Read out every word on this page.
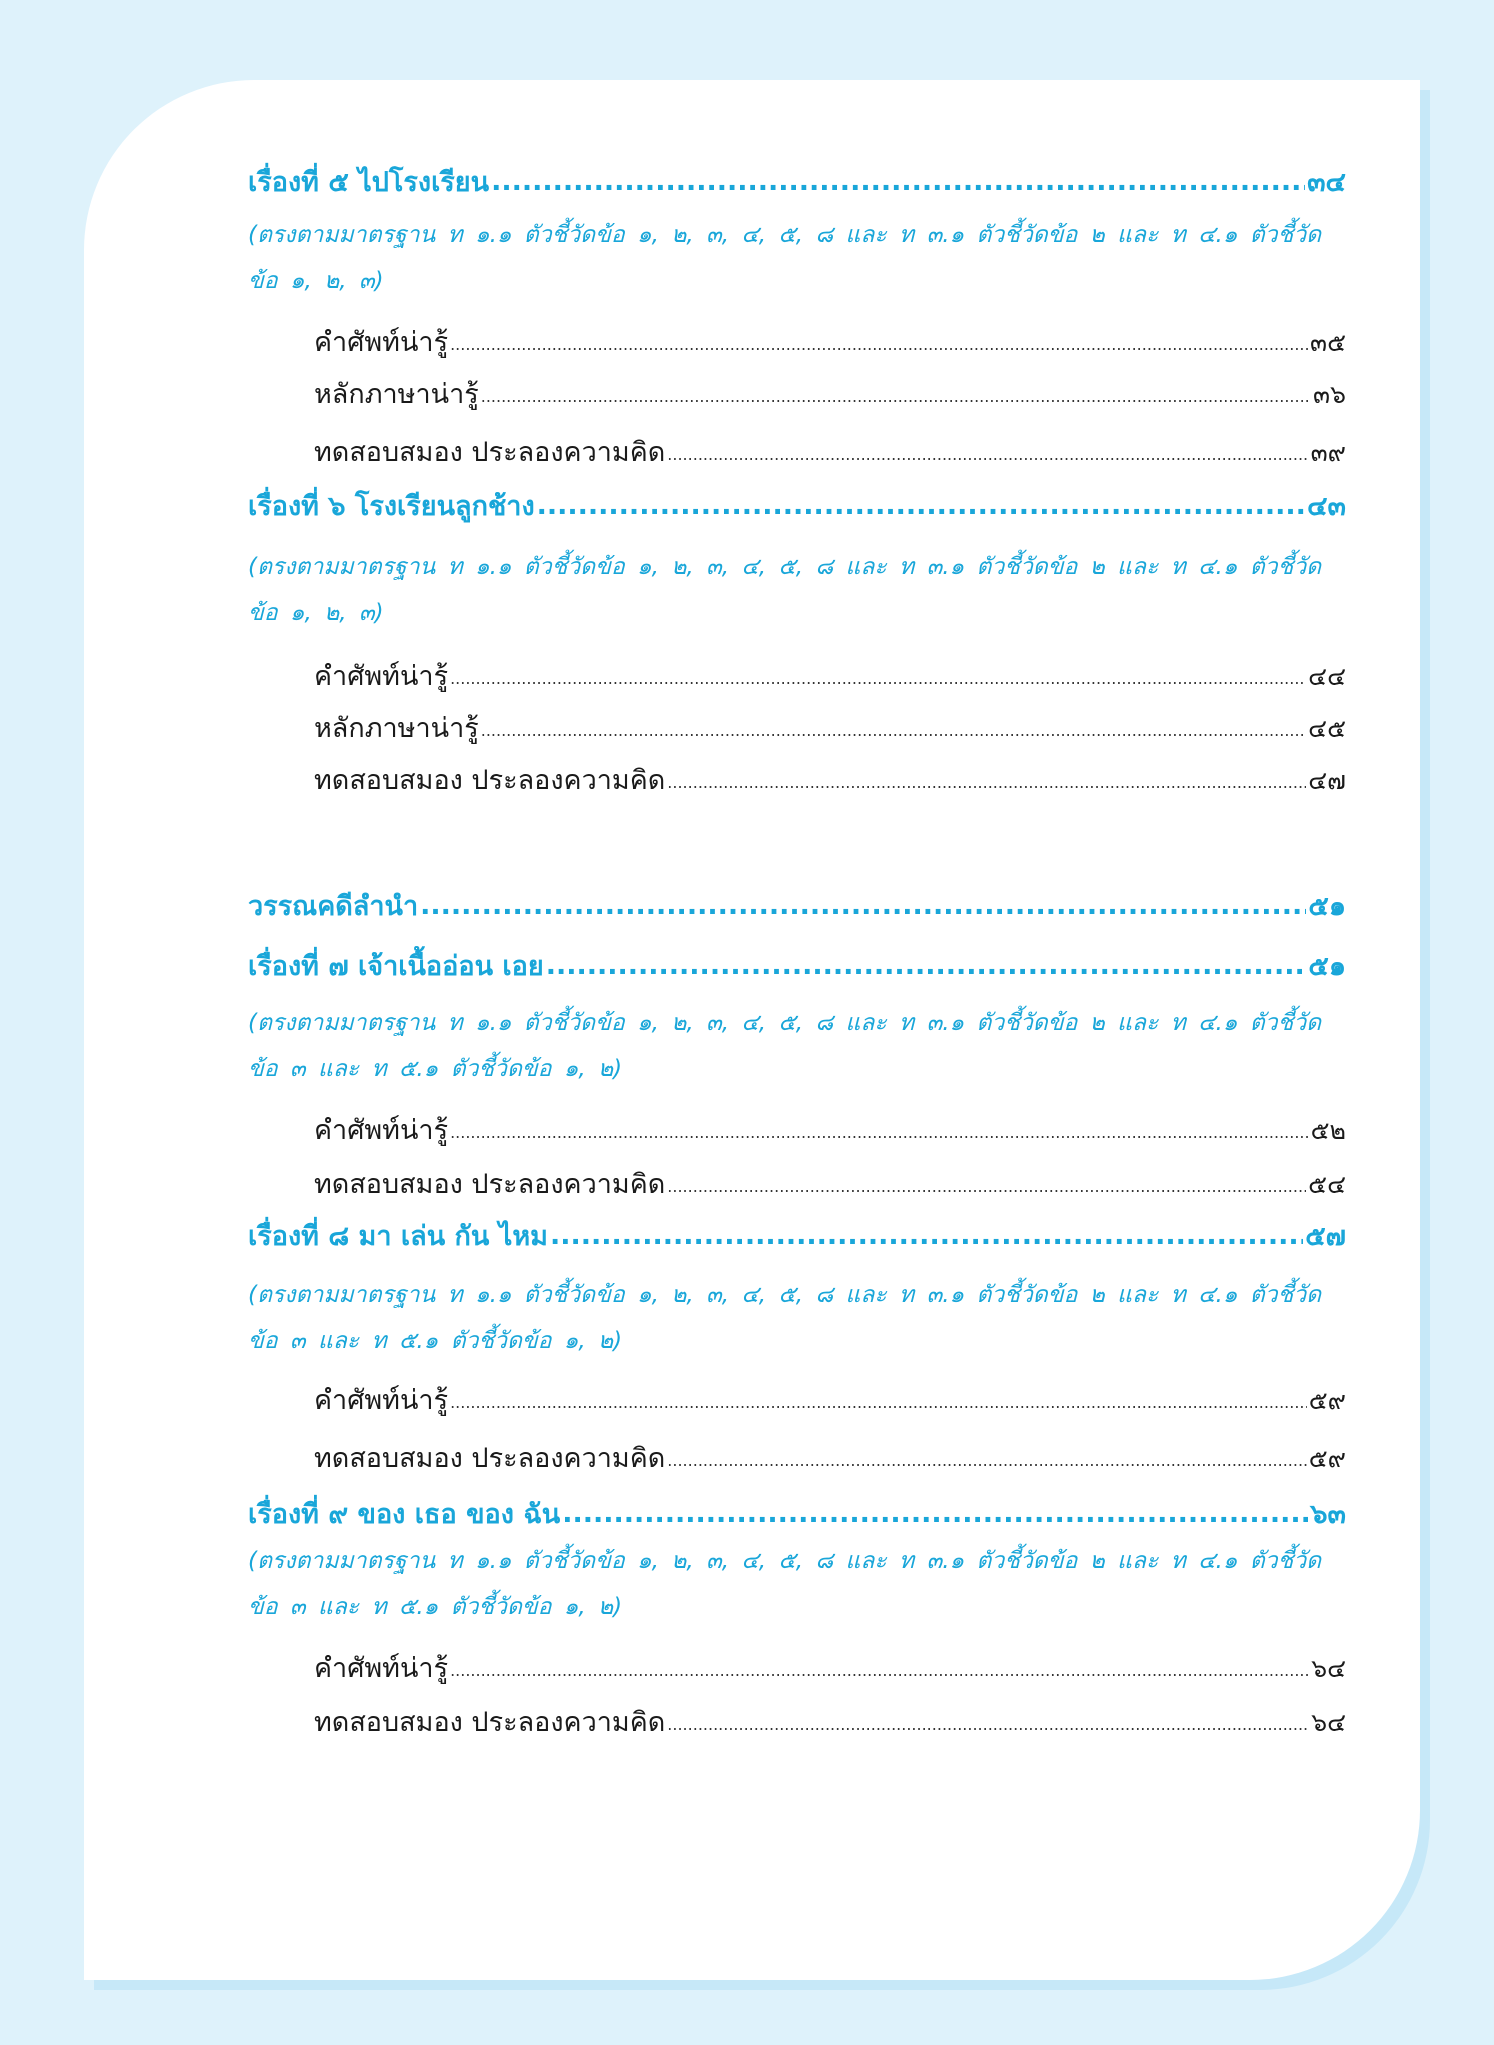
เรื่องที่ ๕ ไปโรงเรียน .....	๓๔
(ตรงตามมาตรฐาน ท ๑.๑ ตัวชี้วัดข้อ ๑, ๒, ๓, ๔, ๕, ๘ และ ท ๓.๑ ตัวชี้วัดข้อ ๒ และ ท ๔.๑ ตัวชี้วัด ข้อ ๑, ๒, ๓)
คำศัพท์น่ารู้ .....	๓๕
หลักภาษาน่ารู้ .....	๓๖
ทดสอบสมอง ประลองความคิด .....	๓๙
เรื่องที่ ๖ โรงเรียนลูกช้าง .....	๔๓
(ตรงตามมาตรฐาน ท ๑.๑ ตัวชี้วัดข้อ ๑, ๒, ๓, ๔, ๕, ๘ และ ท ๓.๑ ตัวชี้วัดข้อ ๒ และ ท ๔.๑ ตัวชี้วัด ข้อ ๑, ๒, ๓)
คำศัพท์น่ารู้ .....	๔๔
หลักภาษาน่ารู้ .....	๔๕
ทดสอบสมอง ประลองความคิด .....	๔๗
วรรณคดีลำนำ .....	๕๑
เรื่องที่ ๗ เจ้าเนื้ออ่อน เอย .....	๕๑
(ตรงตามมาตรฐาน ท ๑.๑ ตัวชี้วัดข้อ ๑, ๒, ๓, ๔, ๕, ๘ และ ท ๓.๑ ตัวชี้วัดข้อ ๒ และ ท ๔.๑ ตัวชี้วัด ข้อ ๓ และ ท ๕.๑ ตัวชี้วัดข้อ ๑, ๒)
คำศัพท์น่ารู้ .....	๕๒
ทดสอบสมอง ประลองความคิด .....	๕๔
เรื่องที่ ๘ มา เล่น กัน ไหม .....	๕๗
(ตรงตามมาตรฐาน ท ๑.๑ ตัวชี้วัดข้อ ๑, ๒, ๓, ๔, ๕, ๘ และ ท ๓.๑ ตัวชี้วัดข้อ ๒ และ ท ๔.๑ ตัวชี้วัด ข้อ ๓ และ ท ๕.๑ ตัวชี้วัดข้อ ๑, ๒)
คำศัพท์น่ารู้ .....	๕๙
ทดสอบสมอง ประลองความคิด .....	๕๙
เรื่องที่ ๙ ของ เธอ ของ ฉัน .....	๖๓
(ตรงตามมาตรฐาน ท ๑.๑ ตัวชี้วัดข้อ ๑, ๒, ๓, ๔, ๕, ๘ และ ท ๓.๑ ตัวชี้วัดข้อ ๒ และ ท ๔.๑ ตัวชี้วัด ข้อ ๓ และ ท ๕.๑ ตัวชี้วัดข้อ ๑, ๒)
คำศัพท์น่ารู้ .....	๖๔
ทดสอบสมอง ประลองความคิด .....	๖๔
